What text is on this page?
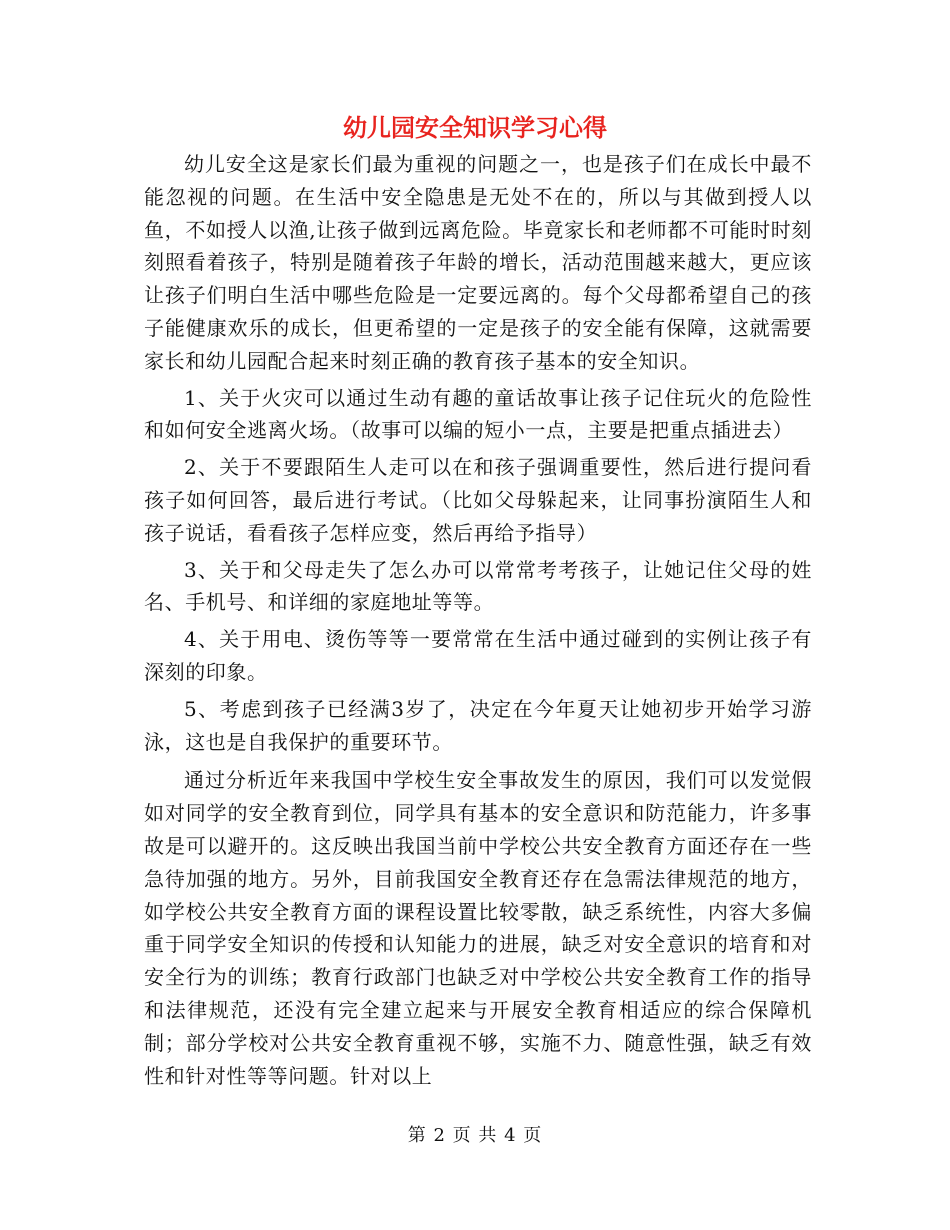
幼儿园安全知识学习心得

幼儿安全这是家长们最为重视的问题之一，也是孩子们在成长中最不能忽视的问题。在生活中安全隐患是无处不在的，所以与其做到授人以鱼，不如授人以渔,让孩子做到远离危险。毕竟家长和老师都不可能时时刻刻照看着孩子，特别是随着孩子年龄的增长，活动范围越来越大，更应该让孩子们明白生活中哪些危险是一定要远离的。每个父母都希望自己的孩子能健康欢乐的成长，但更希望的一定是孩子的安全能有保障，这就需要家长和幼儿园配合起来时刻正确的教育孩子基本的安全知识。

1、关于火灾可以通过生动有趣的童话故事让孩子记住玩火的危险性和如何安全逃离火场。（故事可以编的短小一点，主要是把重点插进去）

2、关于不要跟陌生人走可以在和孩子强调重要性，然后进行提问看孩子如何回答，最后进行考试。（比如父母躲起来，让同事扮演陌生人和孩子说话，看看孩子怎样应变，然后再给予指导）

3、关于和父母走失了怎么办可以常常考考孩子，让她记住父母的姓名、手机号、和详细的家庭地址等等。

4、关于用电、烫伤等等一要常常在生活中通过碰到的实例让孩子有深刻的印象。

5、考虑到孩子已经满3岁了，决定在今年夏天让她初步开始学习游泳，这也是自我保护的重要环节。

通过分析近年来我国中学校生安全事故发生的原因，我们可以发觉假如对同学的安全教育到位，同学具有基本的安全意识和防范能力，许多事故是可以避开的。这反映出我国当前中学校公共安全教育方面还存在一些急待加强的地方。另外，目前我国安全教育还存在急需法律规范的地方，如学校公共安全教育方面的课程设置比较零散，缺乏系统性，内容大多偏重于同学安全知识的传授和认知能力的进展，缺乏对安全意识的培育和对安全行为的训练；教育行政部门也缺乏对中学校公共安全教育工作的指导和法律规范，还没有完全建立起来与开展安全教育相适应的综合保障机制；部分学校对公共安全教育重视不够，实施不力、随意性强，缺乏有效性和针对性等等问题。针对以上

第 2 页 共 4 页
